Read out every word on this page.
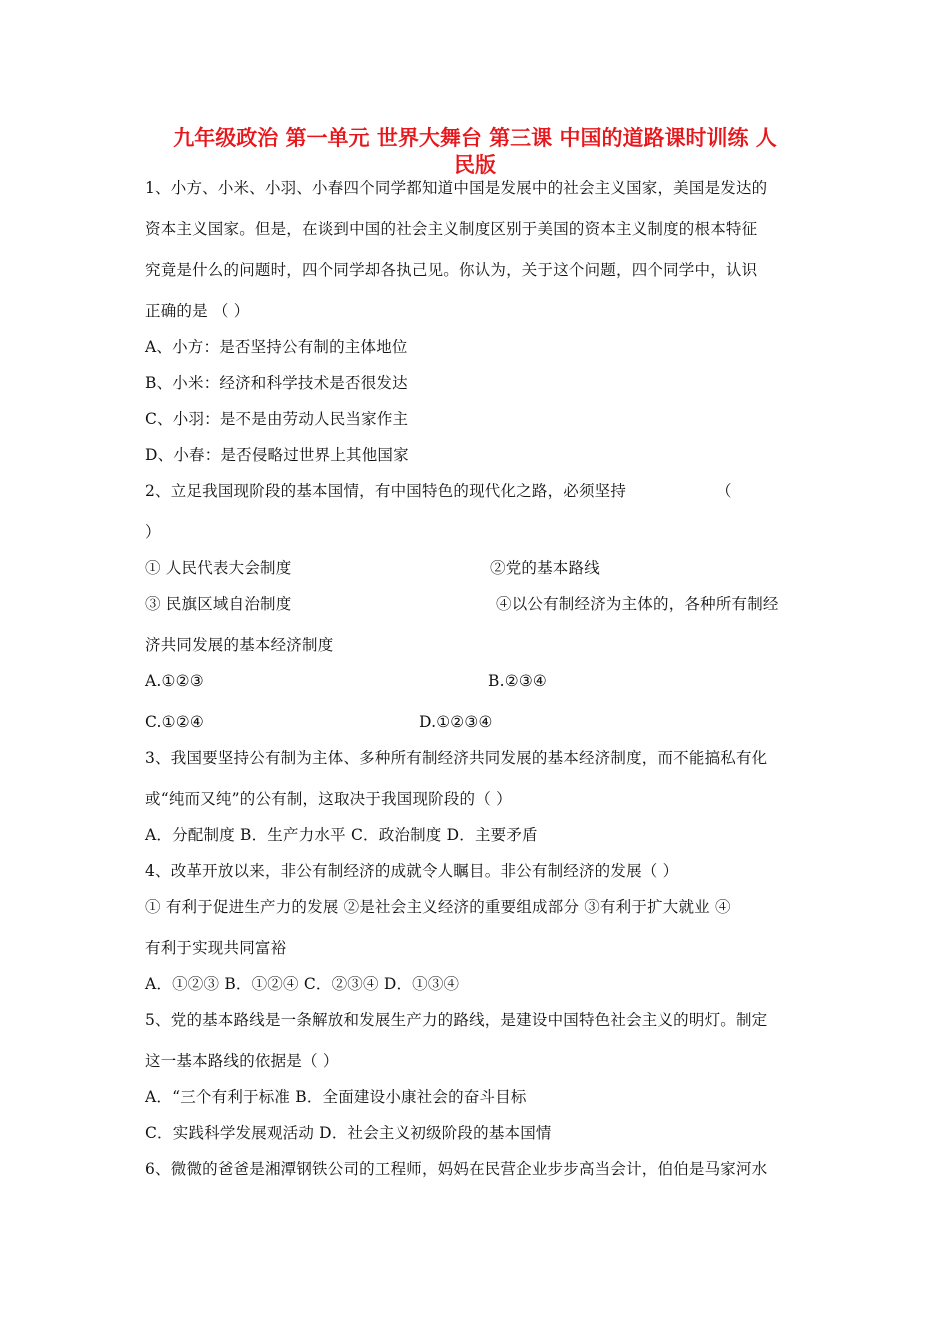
九年级政治 第一单元 世界大舞台 第三课 中国的道路课时训练 人
民版
1、小方、小米、小羽、小春四个同学都知道中国是发展中的社会主义国家，美国是发达的
资本主义国家。但是，在谈到中国的社会主义制度区别于美国的资本主义制度的根本特征
究竟是什么的问题时，四个同学却各执己见。你认为，关于这个问题，四个同学中，认识
正确的是 （ ）
A、小方：是否坚持公有制的主体地位
B、小米：经济和科学技术是否很发达
C、小羽：是不是由劳动人民当家作主
D、小春：是否侵略过世界上其他国家
2、立足我国现阶段的基本国情，有中国特色的现代化之路，必须坚持	（
）
① 人民代表大会制度	②党的基本路线
③ 民旗区域自治制度	④以公有制经济为主体的，各种所有制经
济共同发展的基本经济制度
A.①②③	B.②③④
C.①②④	D.①②③④
3、我国要坚持公有制为主体、多种所有制经济共同发展的基本经济制度，而不能搞私有化
或“纯而又纯”的公有制，这取决于我国现阶段的（ ）
A．分配制度 B．生产力水平 C．政治制度 D．主要矛盾
4、改革开放以来，非公有制经济的成就令人瞩目。非公有制经济的发展（ ）
① 有利于促进生产力的发展 ②是社会主义经济的重要组成部分 ③有利于扩大就业 ④
有利于实现共同富裕
A．①②③ B．①②④ C．②③④ D．①③④
5、党的基本路线是一条解放和发展生产力的路线，是建设中国特色社会主义的明灯。制定
这一基本路线的依据是（ ）
A．“三个有利于标准 B．全面建设小康社会的奋斗目标
C．实践科学发展观活动 D．社会主义初级阶段的基本国情
6、微微的爸爸是湘潭钢铁公司的工程师，妈妈在民营企业步步高当会计，伯伯是马家河水
